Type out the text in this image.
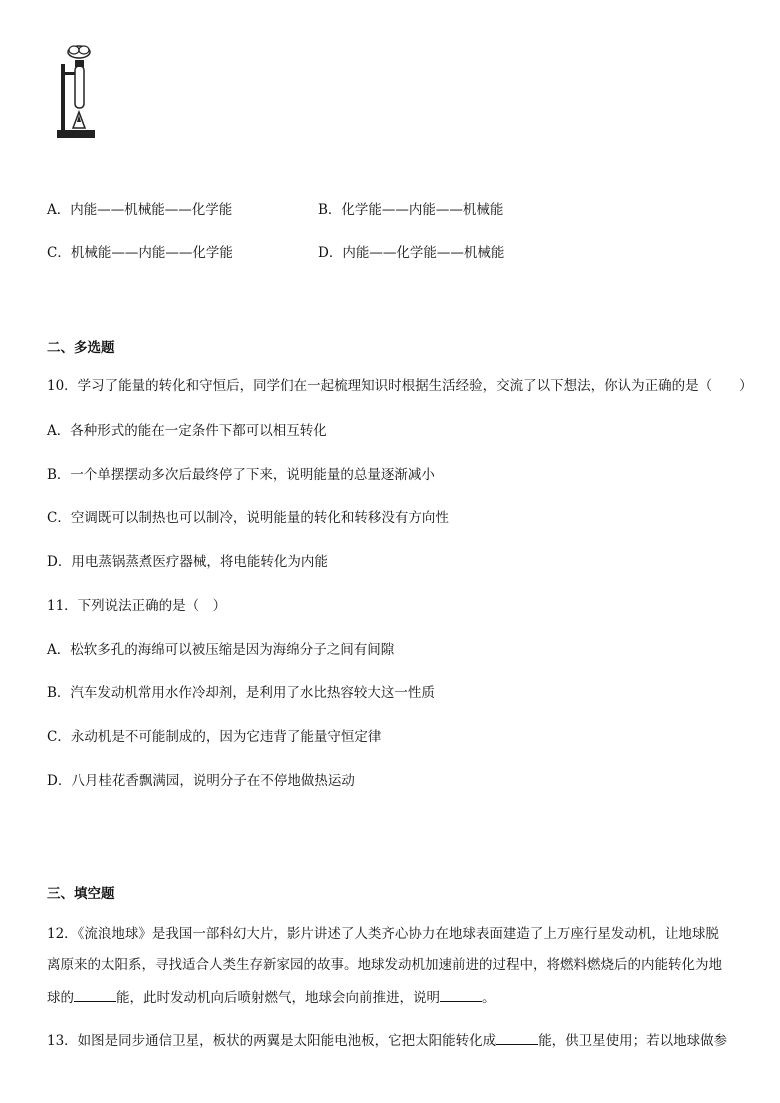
A．内能——机械能——化学能	B．化学能——内能——机械能
C．机械能——内能——化学能	D．内能——化学能——机械能
二、多选题
10．学习了能量的转化和守恒后，同学们在一起梳理知识时根据生活经验，交流了以下想法，你认为正确的是（　　）
A．各种形式的能在一定条件下都可以相互转化
B．一个单摆摆动多次后最终停了下来，说明能量的总量逐渐减小
C．空调既可以制热也可以制冷，说明能量的转化和转移没有方向性
D．用电蒸锅蒸煮医疗器械，将电能转化为内能
11．下列说法正确的是（　）
A．松软多孔的海绵可以被压缩是因为海绵分子之间有间隙
B．汽车发动机常用水作冷却剂，是利用了水比热容较大这一性质
C．永动机是不可能制成的，因为它违背了能量守恒定律
D．八月桂花香飘满园，说明分子在不停地做热运动
三、填空题
12．《流浪地球》是我国一部科幻大片，影片讲述了人类齐心协力在地球表面建造了上万座行星发动机，让地球脱
离原来的太阳系，寻找适合人类生存新家园的故事。地球发动机加速前进的过程中，将燃料燃烧后的内能转化为地
球的	能，此时发动机向后喷射燃气，地球会向前推进，说明	。
13．如图是同步通信卫星，板状的两翼是太阳能电池板，它把太阳能转化成	能，供卫星使用；若以地球做参
